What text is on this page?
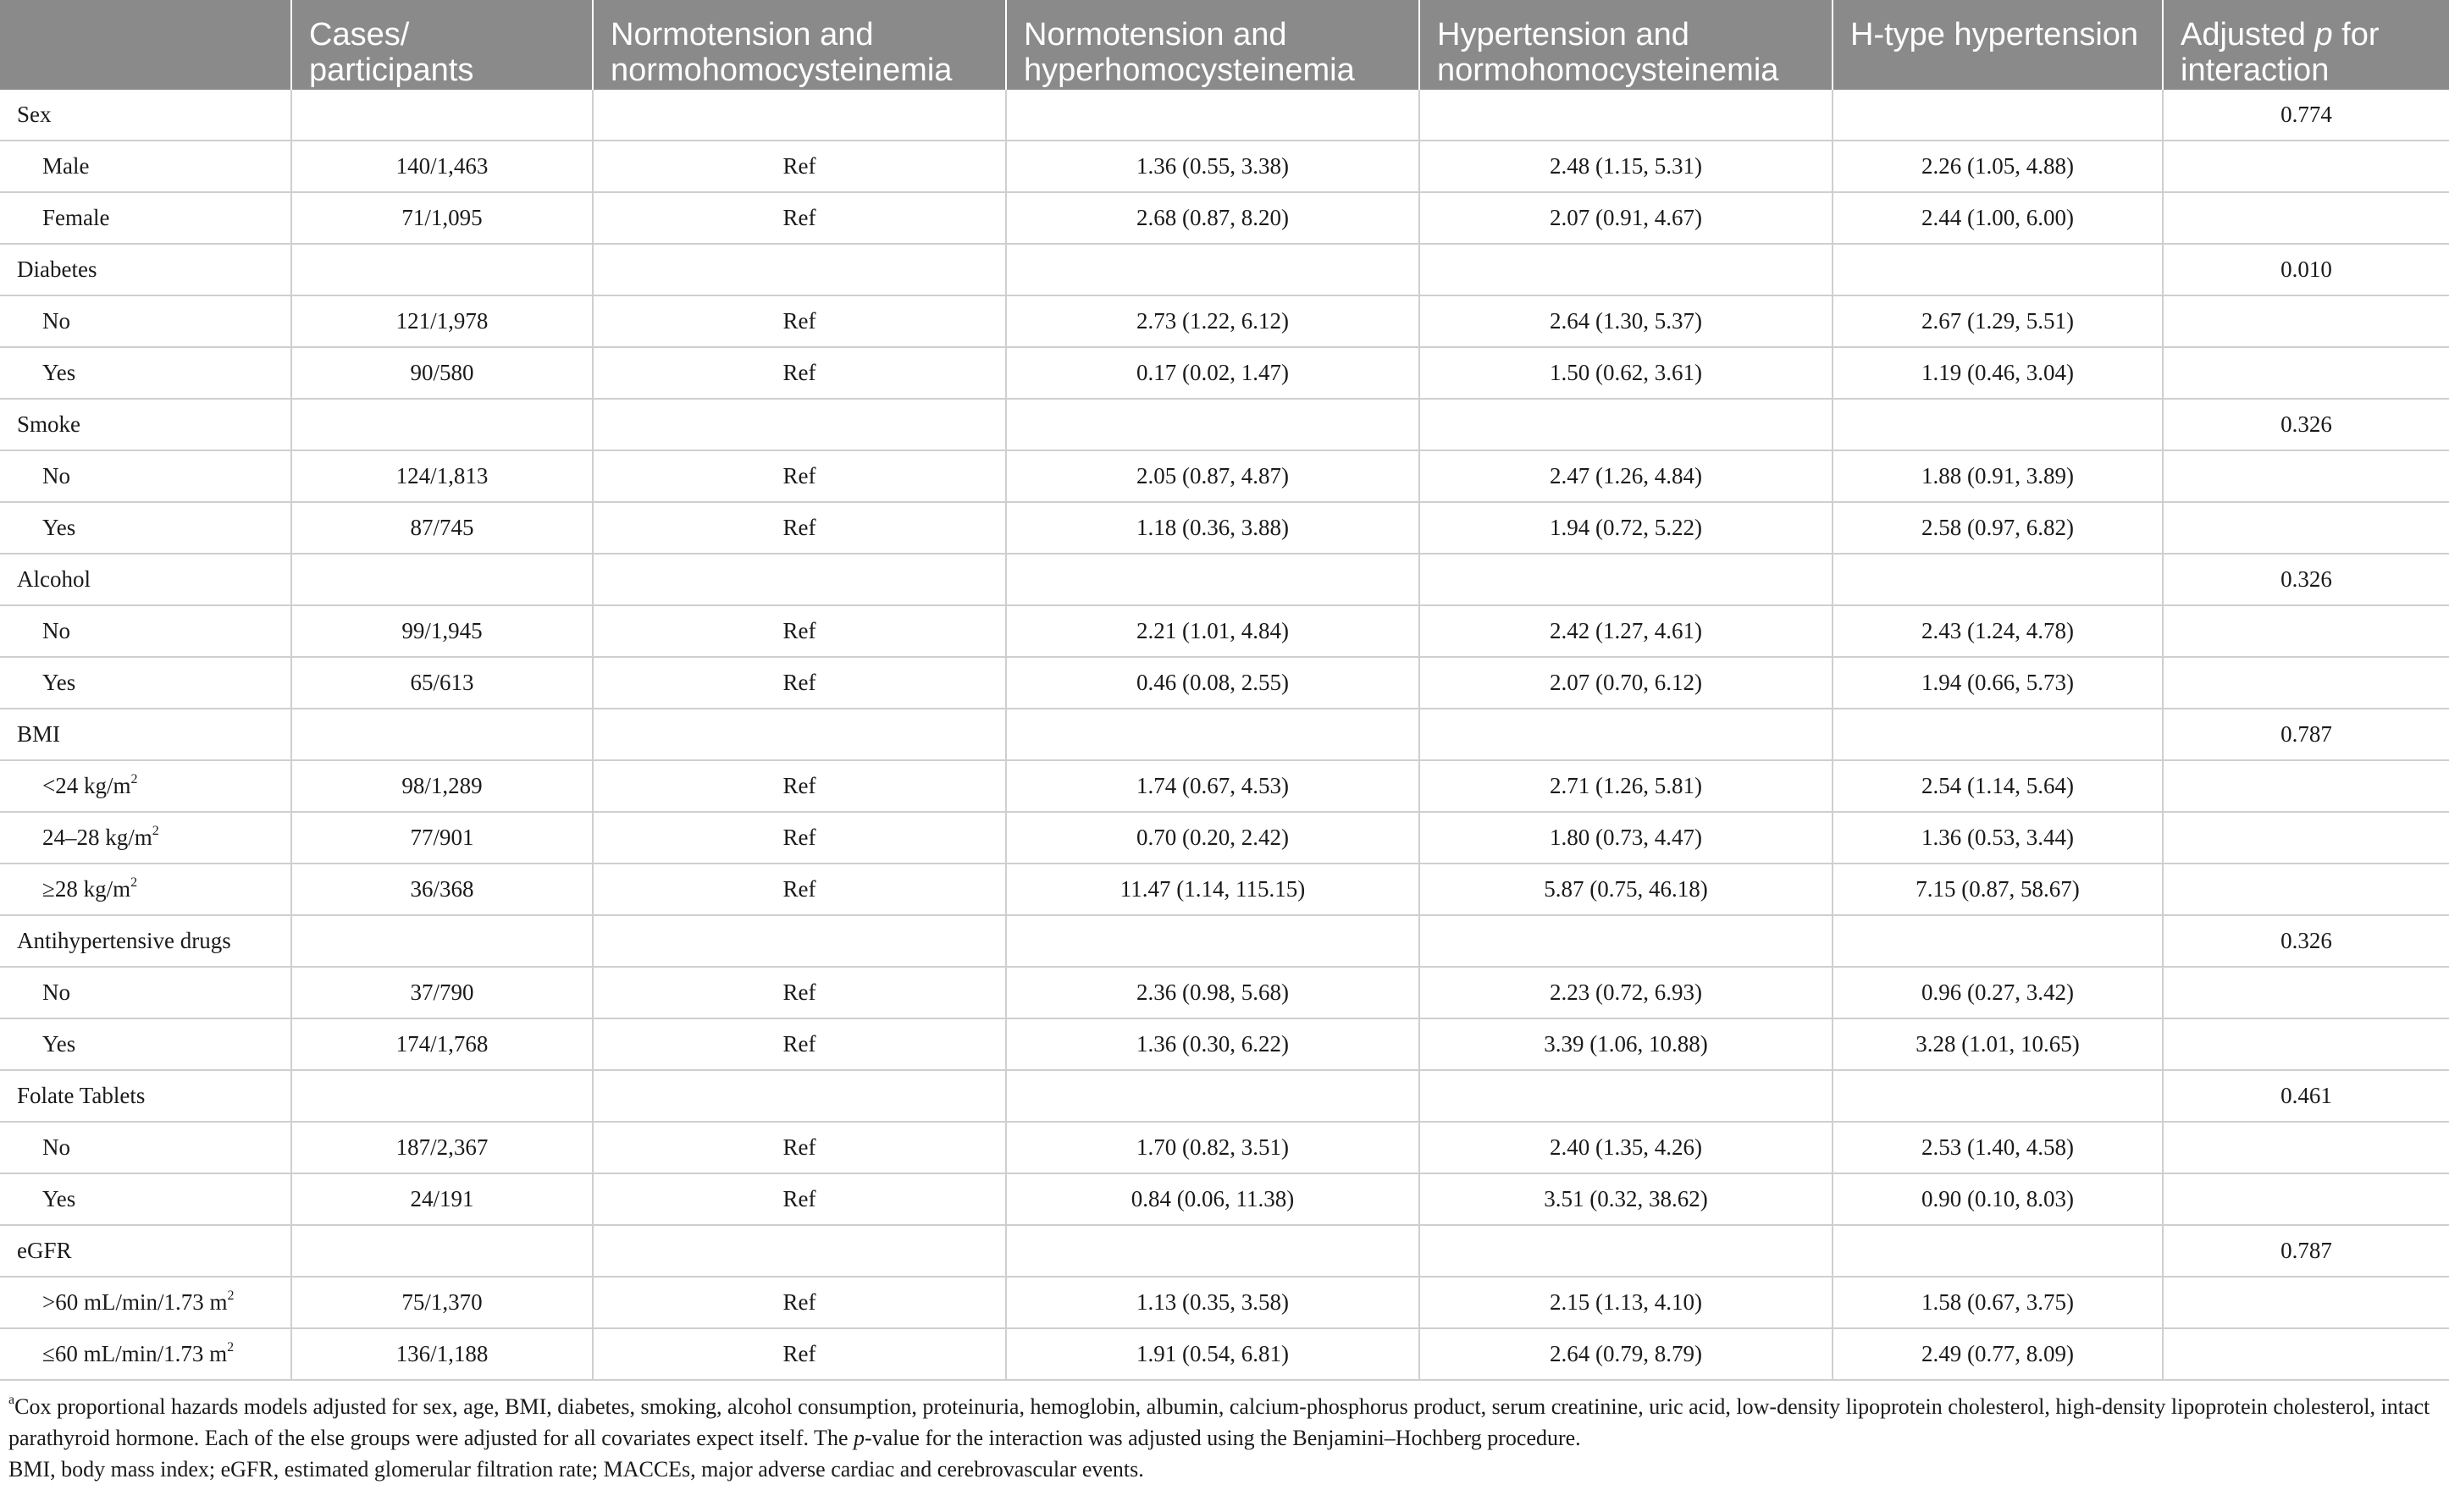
	Cases/ participants	Normotension and normohomocysteinemia	Normotension and hyperhomocysteinemia	Hypertension and normohomocysteinemia	H-type hypertension	Adjusted p for interaction
Sex						0.774
Male	140/1,463	Ref	1.36 (0.55, 3.38)	2.48 (1.15, 5.31)	2.26 (1.05, 4.88)	
Female	71/1,095	Ref	2.68 (0.87, 8.20)	2.07 (0.91, 4.67)	2.44 (1.00, 6.00)	
Diabetes						0.010
No	121/1,978	Ref	2.73 (1.22, 6.12)	2.64 (1.30, 5.37)	2.67 (1.29, 5.51)	
Yes	90/580	Ref	0.17 (0.02, 1.47)	1.50 (0.62, 3.61)	1.19 (0.46, 3.04)	
Smoke						0.326
No	124/1,813	Ref	2.05 (0.87, 4.87)	2.47 (1.26, 4.84)	1.88 (0.91, 3.89)	
Yes	87/745	Ref	1.18 (0.36, 3.88)	1.94 (0.72, 5.22)	2.58 (0.97, 6.82)	
Alcohol						0.326
No	99/1,945	Ref	2.21 (1.01, 4.84)	2.42 (1.27, 4.61)	2.43 (1.24, 4.78)	
Yes	65/613	Ref	0.46 (0.08, 2.55)	2.07 (0.70, 6.12)	1.94 (0.66, 5.73)	
BMI						0.787
<24 $kg/m^2$	98/1,289	Ref	1.74 (0.67, 4.53)	2.71 (1.26, 5.81)	2.54 (1.14, 5.64)	
24–28 $kg/m^2$	77/901	Ref	0.70 (0.20, 2.42)	1.80 (0.73, 4.47)	1.36 (0.53, 3.44)	
≥28 $kg/m^2$	36/368	Ref	11.47 (1.14, 115.15)	5.87 (0.75, 46.18)	7.15 (0.87, 58.67)	
Antihypertensive drugs						0.326
No	37/790	Ref	2.36 (0.98, 5.68)	2.23 (0.72, 6.93)	0.96 (0.27, 3.42)	
Yes	174/1,768	Ref	1.36 (0.30, 6.22)	3.39 (1.06, 10.88)	3.28 (1.01, 10.65)	
Folate Tablets						0.461
No	187/2,367	Ref	1.70 (0.82, 3.51)	2.40 (1.35, 4.26)	2.53 (1.40, 4.58)	
Yes	24/191	Ref	0.84 (0.06, 11.38)	3.51 (0.32, 38.62)	0.90 (0.10, 8.03)	
eGFR						0.787
>60 mL/min/1.73 $m^2$	75/1,370	Ref	1.13 (0.35, 3.58)	2.15 (1.13, 4.10)	1.58 (0.67, 3.75)	
≤60 mL/min/1.73 $m^2$	136/1,188	Ref	1.91 (0.54, 6.81)	2.64 (0.79, 8.79)	2.49 (0.77, 8.09)	

$^a$Cox proportional hazards models adjusted for sex, age, BMI, diabetes, smoking, alcohol consumption, proteinuria, hemoglobin, albumin, calcium-phosphorus product, serum creatinine, uric acid, low-density lipoprotein cholesterol, high-density lipoprotein cholesterol, intact parathyroid hormone. Each of the else groups were adjusted for all covariates expect itself. The p-value for the interaction was adjusted using the Benjamini–Hochberg procedure.

BMI, body mass index; eGFR, estimated glomerular filtration rate; MACCEs, major adverse cardiac and cerebrovascular events.
